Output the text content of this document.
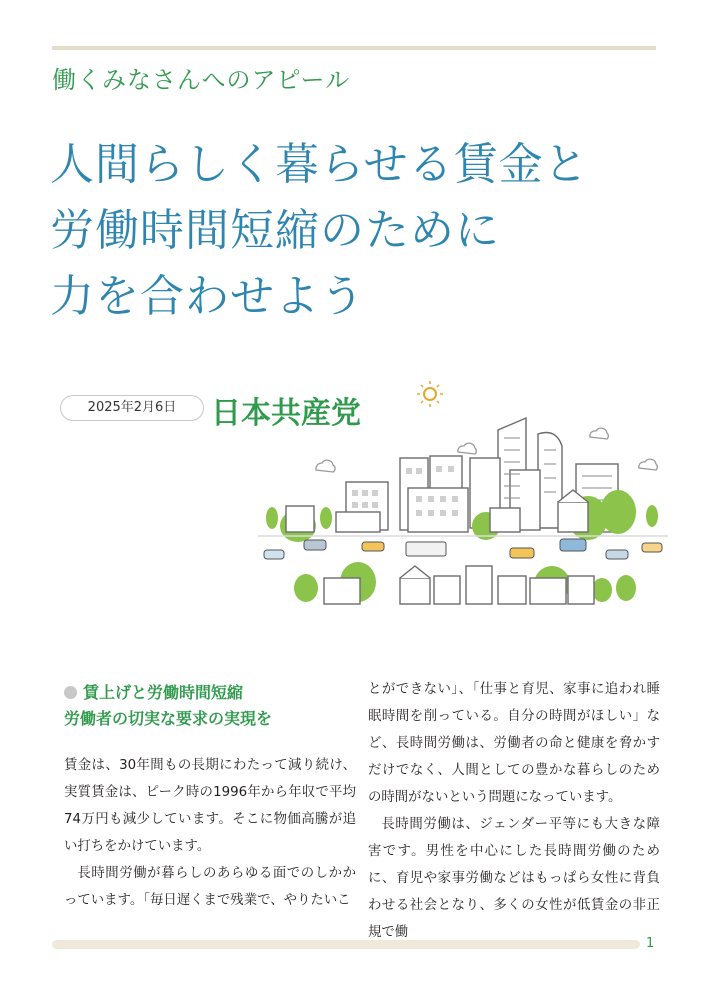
働くみなさんへのアピール
人間らしく暮らせる賃金と
労働時間短縮のために
力を合わせよう
2025年2月6日	日本共産党
賃上げと労働時間短縮
労働者の切実な要求の実現を

賃金は、30年間もの長期にわたって減り続け、実質賃金は、ピーク時の1996年から年収で平均74万円も減少しています。そこに物価高騰が追い打ちをかけています。

長時間労働が暮らしのあらゆる面でのしかかっています。「毎日遅くまで残業で、やりたいこ

とができない」、「仕事と育児、家事に追われ睡眠時間を削っている。自分の時間がほしい」など、長時間労働は、労働者の命と健康を脅かすだけでなく、人間としての豊かな暮らしのための時間がないという問題になっています。

長時間労働は、ジェンダー平等にも大きな障害です。男性を中心にした長時間労働のために、育児や家事労働などはもっぱら女性に背負わせる社会となり、多くの女性が低賃金の非正規で働

1
